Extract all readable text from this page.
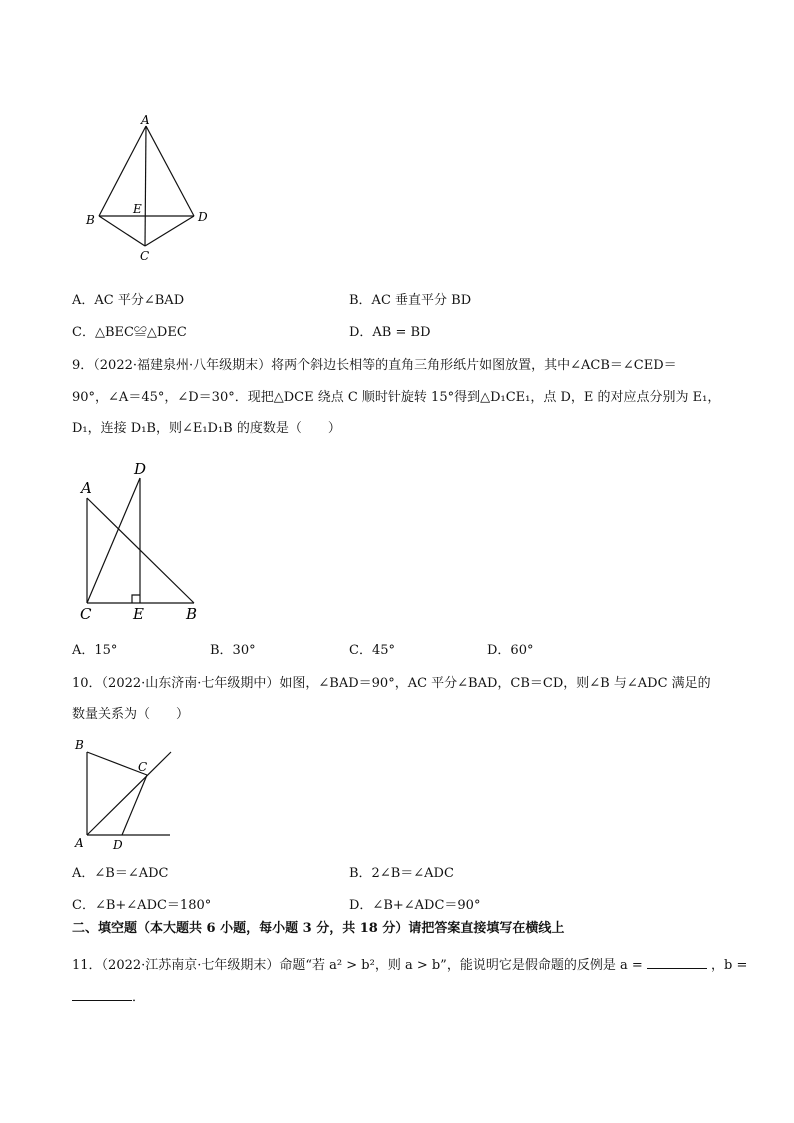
A
B
E
D
C
A．AC 平分∠BAD	B．AC 垂直平分 BD
C．△BEC≌△DEC	D．AB = BD
9．（2022·福建泉州·八年级期末）将两个斜边长相等的直角三角形纸片如图放置，其中∠ACB＝∠CED＝
90°，∠A＝45°，∠D＝30°．现把△DCE 绕点 C 顺时针旋转 15°得到△D₁CE₁，点 D，E 的对应点分别为 E₁，
D₁，连接 D₁B，则∠E₁D₁B 的度数是（　　）
A
D
C	E	B
A．15°	B．30°	C．45°	D．60°
10．（2022·山东济南·七年级期中）如图，∠BAD＝90°，AC 平分∠BAD，CB＝CD，则∠B 与∠ADC 满足的
数量关系为（　　）
B
C
A D
A．∠B＝∠ADC	B．2∠B＝∠ADC
C．∠B+∠ADC＝180°	D．∠B+∠ADC＝90°
二、填空题（本大题共 6 小题，每小题 3 分，共 18 分）请把答案直接填写在横线上
11．（2022·江苏南京·七年级期末）命题“若 a² > b²，则 a > b”，能说明它是假命题的反例是 a =	，b =
．
